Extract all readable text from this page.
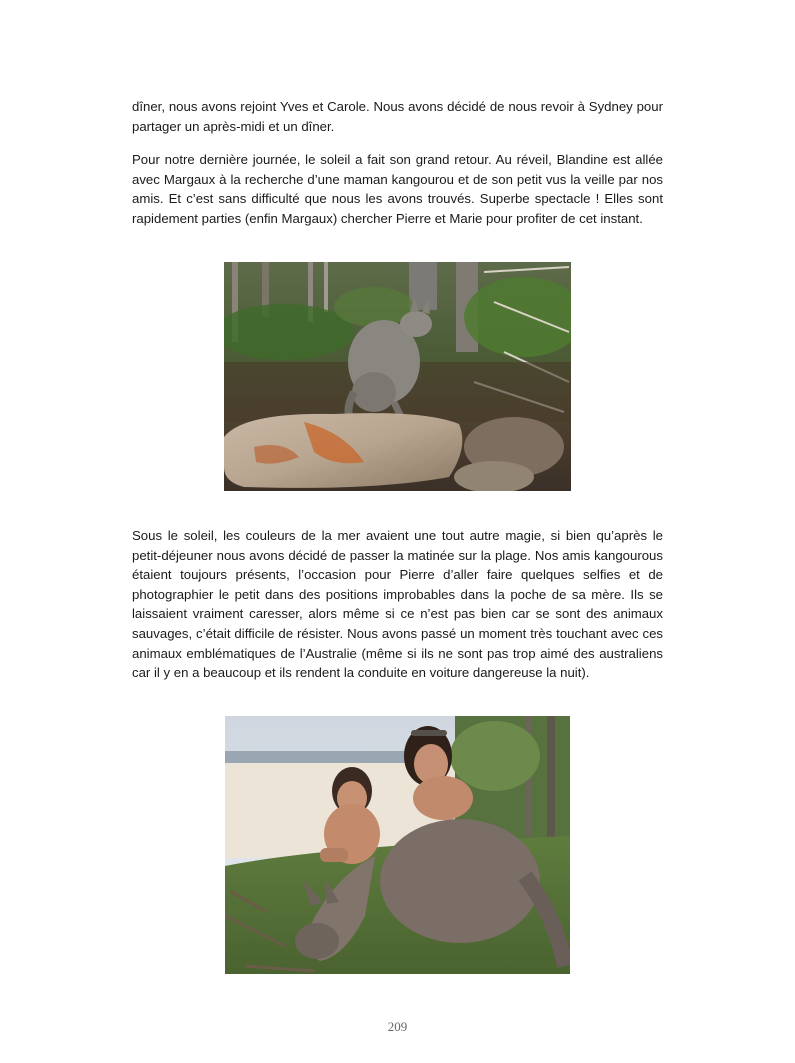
dîner, nous avons rejoint Yves et Carole. Nous avons décidé de nous revoir à Sydney pour partager un après-midi et un dîner.

Pour notre dernière journée, le soleil a fait son grand retour. Au réveil, Blandine est allée avec Margaux à la recherche d’une maman kangourou et de son petit vus la veille par nos amis. Et c’est sans difficulté que nous les avons trouvés. Superbe spectacle ! Elles sont rapidement parties (enfin Margaux) chercher Pierre et Marie pour profiter de cet instant.

Sous le soleil, les couleurs de la mer avaient une tout autre magie, si bien qu’après le petit-déjeuner nous avons décidé de passer la matinée sur la plage. Nos amis kangourous étaient toujours présents, l’occasion pour Pierre d’aller faire quelques selfies et de photographier le petit dans des positions improbables dans la poche de sa mère. Ils se laissaient vraiment caresser, alors même si ce n’est pas bien car se sont des animaux sauvages, c’était difficile de résister. Nous avons passé un moment très touchant avec ces animaux emblématiques de l’Australie (même si ils ne sont pas trop aimé des australiens car il y en a beaucoup et ils rendent la conduite en voiture dangereuse la nuit).

209
